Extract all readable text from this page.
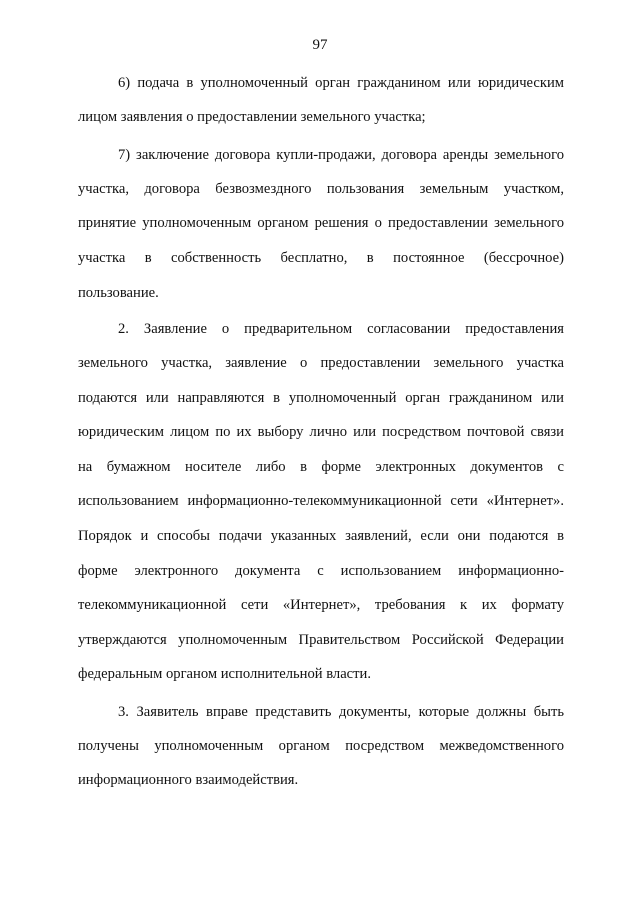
97
6) подача в уполномоченный орган гражданином или юридическим
лицом заявления о предоставлении земельного участка;
7) заключение договора купли-продажи, договора аренды земельного
участка, договора безвозмездного пользования земельным участком,
принятие уполномоченным органом решения о предоставлении земельного
участка в собственность бесплатно, в постоянное (бессрочное)
пользование.
2. Заявление о предварительном согласовании предоставления
земельного участка, заявление о предоставлении земельного участка
подаются или направляются в уполномоченный орган гражданином или
юридическим лицом по их выбору лично или посредством почтовой связи
на бумажном носителе либо в форме электронных документов с
использованием информационно-телекоммуникационной сети «Интернет».
Порядок и способы подачи указанных заявлений, если они подаются в
форме электронного документа с использованием информационно-
телекоммуникационной сети «Интернет», требования к их формату
утверждаются уполномоченным Правительством Российской Федерации
федеральным органом исполнительной власти.
3. Заявитель вправе представить документы, которые должны быть
получены уполномоченным органом посредством межведомственного
информационного взаимодействия.
